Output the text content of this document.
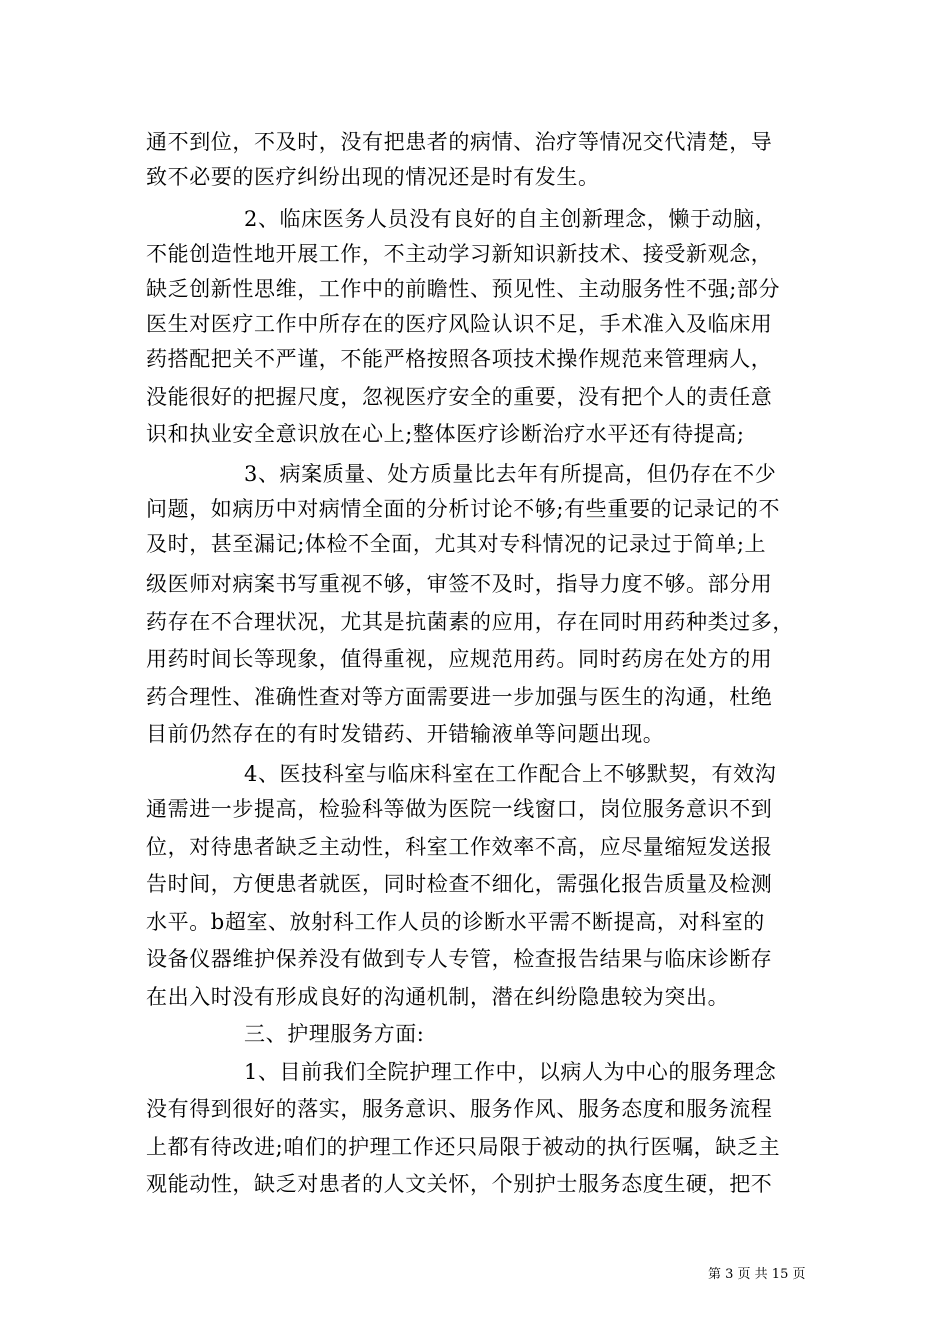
通不到位，不及时，没有把患者的病情、治疗等情况交代清楚，导
致不必要的医疗纠纷出现的情况还是时有发生。
2、临床医务人员没有良好的自主创新理念，懒于动脑，
不能创造性地开展工作，不主动学习新知识新技术、接受新观念，
缺乏创新性思维，工作中的前瞻性、预见性、主动服务性不强;部分
医生对医疗工作中所存在的医疗风险认识不足，手术准入及临床用
药搭配把关不严谨，不能严格按照各项技术操作规范来管理病人，
没能很好的把握尺度，忽视医疗安全的重要，没有把个人的责任意
识和执业安全意识放在心上;整体医疗诊断治疗水平还有待提高;
3、病案质量、处方质量比去年有所提高，但仍存在不少
问题，如病历中对病情全面的分析讨论不够;有些重要的记录记的不
及时，甚至漏记;体检不全面，尤其对专科情况的记录过于简单;上
级医师对病案书写重视不够，审签不及时，指导力度不够。部分用
药存在不合理状况，尤其是抗菌素的应用，存在同时用药种类过多，
用药时间长等现象，值得重视，应规范用药。同时药房在处方的用
药合理性、准确性查对等方面需要进一步加强与医生的沟通，杜绝
目前仍然存在的有时发错药、开错输液单等问题出现。
4、医技科室与临床科室在工作配合上不够默契，有效沟
通需进一步提高，检验科等做为医院一线窗口，岗位服务意识不到
位，对待患者缺乏主动性，科室工作效率不高，应尽量缩短发送报
告时间，方便患者就医，同时检查不细化，需强化报告质量及检测
水平。b超室、放射科工作人员的诊断水平需不断提高，对科室的
设备仪器维护保养没有做到专人专管，检查报告结果与临床诊断存
在出入时没有形成良好的沟通机制，潜在纠纷隐患较为突出。
三、护理服务方面:
1、目前我们全院护理工作中，以病人为中心的服务理念
没有得到很好的落实，服务意识、服务作风、服务态度和服务流程
上都有待改进;咱们的护理工作还只局限于被动的执行医嘱，缺乏主
观能动性，缺乏对患者的人文关怀，个别护士服务态度生硬，把不
第 3 页 共 15 页
